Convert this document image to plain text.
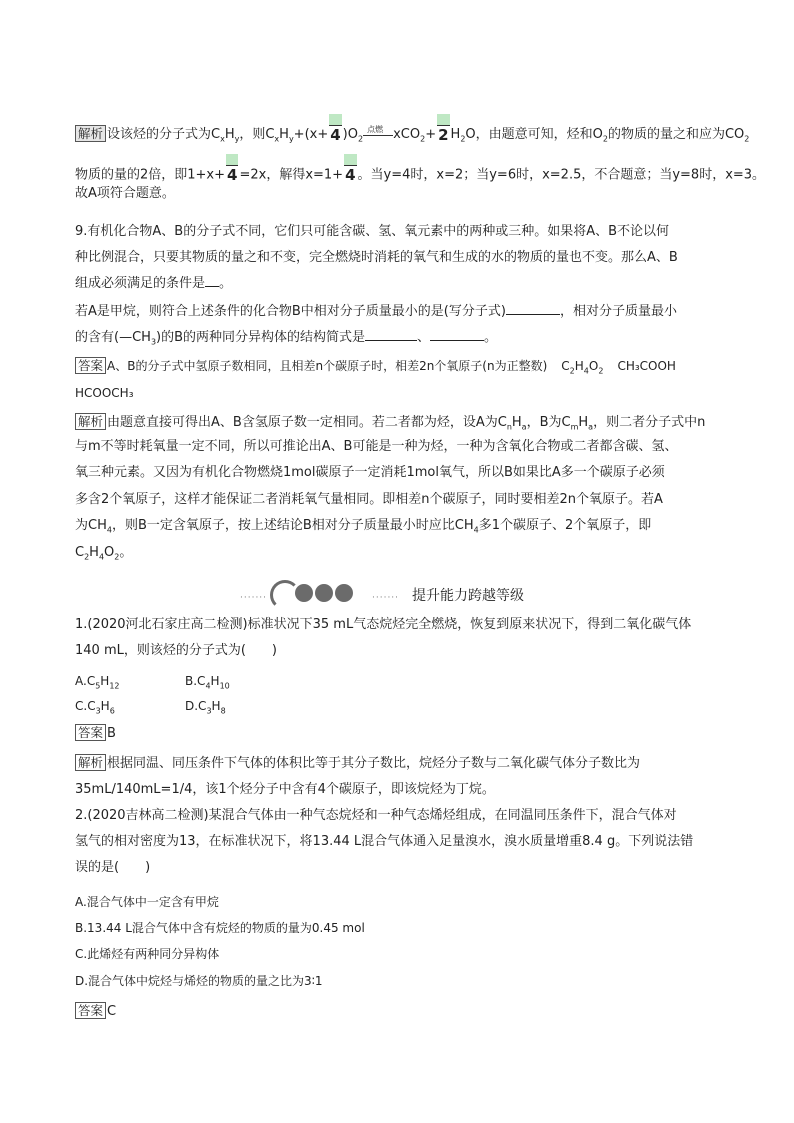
解析 设该烃的分子式为$C_xH_y$，则$C_xH_y+(x+ 4$ )$O_2$
点燃 xCO$_2$+ 2 $H_2O$，由题意可知，烃和$O_2$的物质的量之和应为$CO_2$
物质的量的2倍，即1+x+ 4 =2x，解得x=1+ 4 。当y=4时，x=2；当y=6时，x=2.5，不合题意；当y=8时，x=3。
故A项符合题意。
9.有机化合物A、B的分子式不同，它们只可能含碳、氢、氧元素中的两种或三种。如果将A、B不论以何
种比例混合，只要其物质的量之和不变，完全燃烧时消耗的氧气和生成的水的物质的量也不变。那么A、B
组成必须满足的条件是 。
若A是甲烷，则符合上述条件的化合物B中相对分子质量最小的是(写分子式)	，相对分子质量最小
的含有$(—CH_3)$的B的两种同分异构体的结构简式是	、	。
答案 A、B的分子式中氢原子数相同，且相差n个碳原子时，相差2n个氧原子(n为正整数) $C_2H_4O_2$ CH₃COOH
HCOOCH₃
解析 由题意直接可得出A、B含氢原子数一定相同。若二者都为烃，设A为$C_nH_a$，B为$C_mH_a$，则二者分子式中n
与m不等时耗氧量一定不同，所以可推论出A、B可能是一种为烃，一种为含氧化合物或二者都含碳、氢、
氧三种元素。又因为有机化合物燃烧1mol碳原子一定消耗1mol氧气，所以B如果比A多一个碳原子必须
多含2个氧原子，这样才能保证二者消耗氧气量相同。即相差n个碳原子，同时要相差2n个氧原子。若A
为$CH_4$，则B一定含氧原子，按上述结论B相对分子质量最小时应比$CH_4$多1个碳原子、2个氧原子，即
$C_2H_4O_2$。
·······	······· 提升能力跨越等级
1.(2020河北石家庄高二检测)标准状况下35 mL气态烷烃完全燃烧，恢复到原来状况下，得到二氧化碳气体
140 mL，则该烃的分子式为(　　)
$A.C_5H_{12}$	$B.C_4H_{10}$
$C.C_3H_6$	$D.C_3H_8$
答案 B
解析 根据同温、同压条件下气体的体积比等于其分子数比，烷烃分子数与二氧化碳气体分子数比为
35mL/140mL=1/4，该1个烃分子中含有4个碳原子，即该烷烃为丁烷。
2.(2020吉林高二检测)某混合气体由一种气态烷烃和一种气态烯烃组成，在同温同压条件下，混合气体对
氢气的相对密度为13，在标准状况下，将13.44 L混合气体通入足量溴水，溴水质量增重8.4 g。下列说法错
误的是(　　)
A.混合气体中一定含有甲烷
B.13.44 L混合气体中含有烷烃的物质的量为0.45 mol
C.此烯烃有两种同分异构体
D.混合气体中烷烃与烯烃的物质的量之比为3∶1
答案 C
